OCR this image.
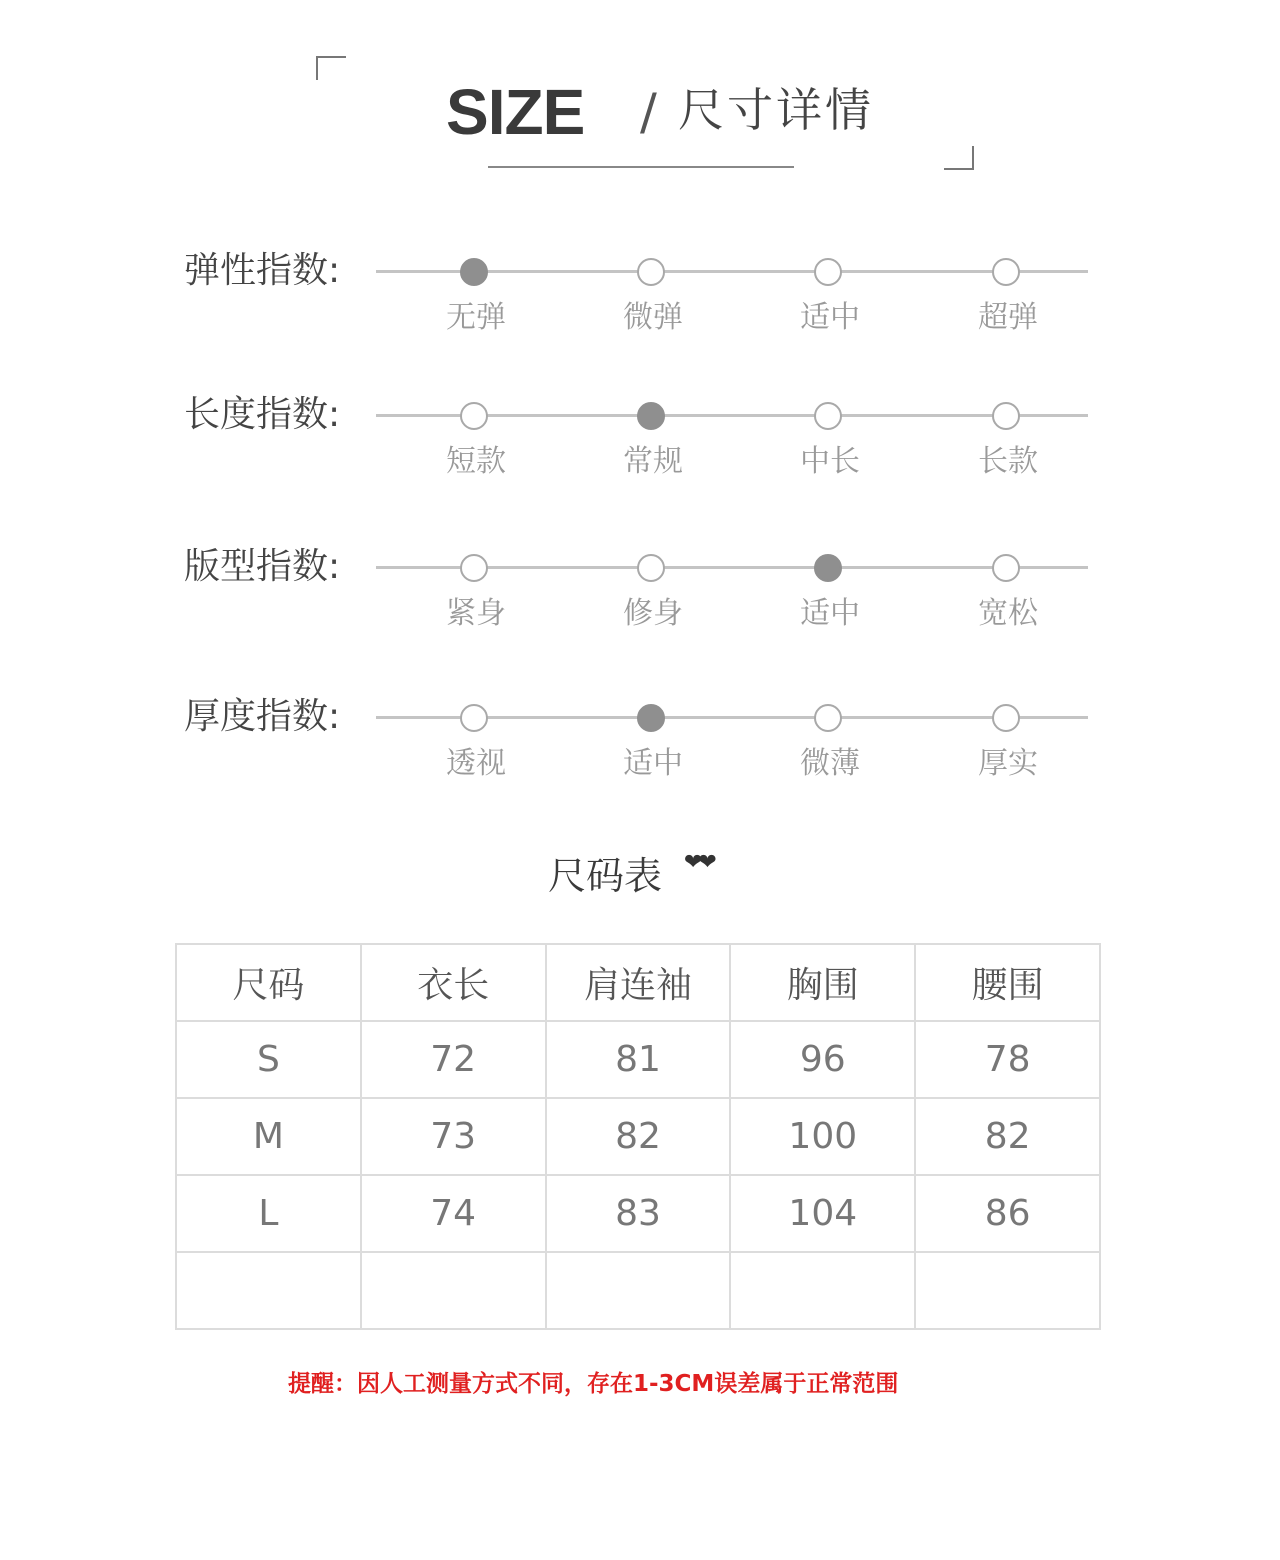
SIZE / 尺寸详情
弹性指数:
无弹	微弹	适中	超弹
长度指数:
短款	常规	中长	长款
版型指数:
紧身	修身	适中	宽松
厚度指数:
透视	适中	微薄	厚实
尺码表 ❤❤
尺码	衣长	肩连袖	胸围	腰围
S	72	81	96	78
M	73	82	100	82
L	74	83	104	86

提醒：因人工测量方式不同，存在1-3CM误差属于正常范围
